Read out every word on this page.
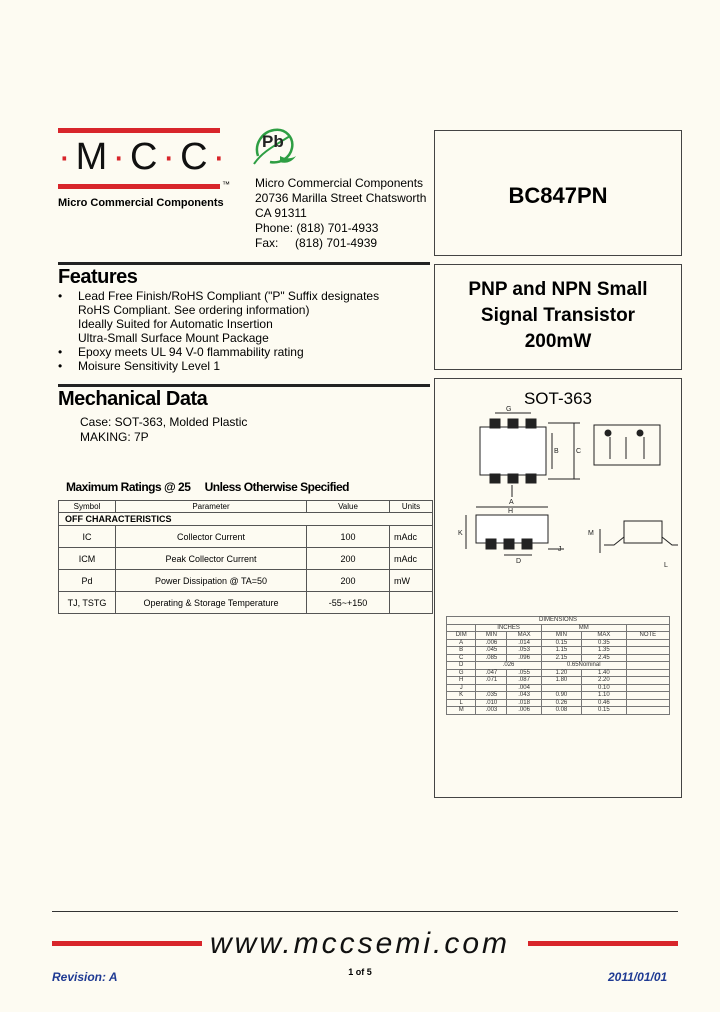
·M·C·C·
™
Micro Commercial Components
Pb
Micro Commercial Components
20736 Marilla Street Chatsworth
CA 91311
Phone: (818) 701-4933
Fax: (818) 701-4939
BC847PN
PNP and NPN Small
Signal Transistor
200mW
SOT-363
G
B C
A
H
K
D
J
M
L
Features
• Lead Free Finish/RoHS Compliant ("P" Suffix designates
RoHS Compliant. See ordering information)
Ideally Suited for Automatic Insertion
Ultra-Small Surface Mount Package
• Epoxy meets UL 94 V-0 flammability rating
• Moisure Sensitivity Level 1
Mechanical Data
Case: SOT-363, Molded Plastic
MAKING: 7P
Maximum Ratings @ 25     Unless Otherwise Specified
Symbol	Parameter	Value	Units
OFF CHARACTERISTICS			
IC	Collector Current	100	mAdc
ICM	Peak Collector Current	200	mAdc
Pd	Power Dissipation @ TA=50	200	mW
TJ, TSTG	Operating & Storage Temperature	-55~+150	
DIMENSIONS					
	INCHES		MM		
DIM	MIN	MAX	MIN	MAX	NOTE
A	.006	.014	0.15	0.35	
B	.045	.053	1.15	1.35	
C	.085	.096	2.15	2.45	
D	.026		0.65Nominal		
G	.047	.055	1.20	1.40	
H	.071	.087	1.80	2.20	
J		.004		0.10	
K	.035	.043	0.90	1.10	
L	.010	.018	0.26	0.46	
M	.003	.006	0.08	0.15	
www.mccsemi.com
Revision: A	1 of 5	2011/01/01
